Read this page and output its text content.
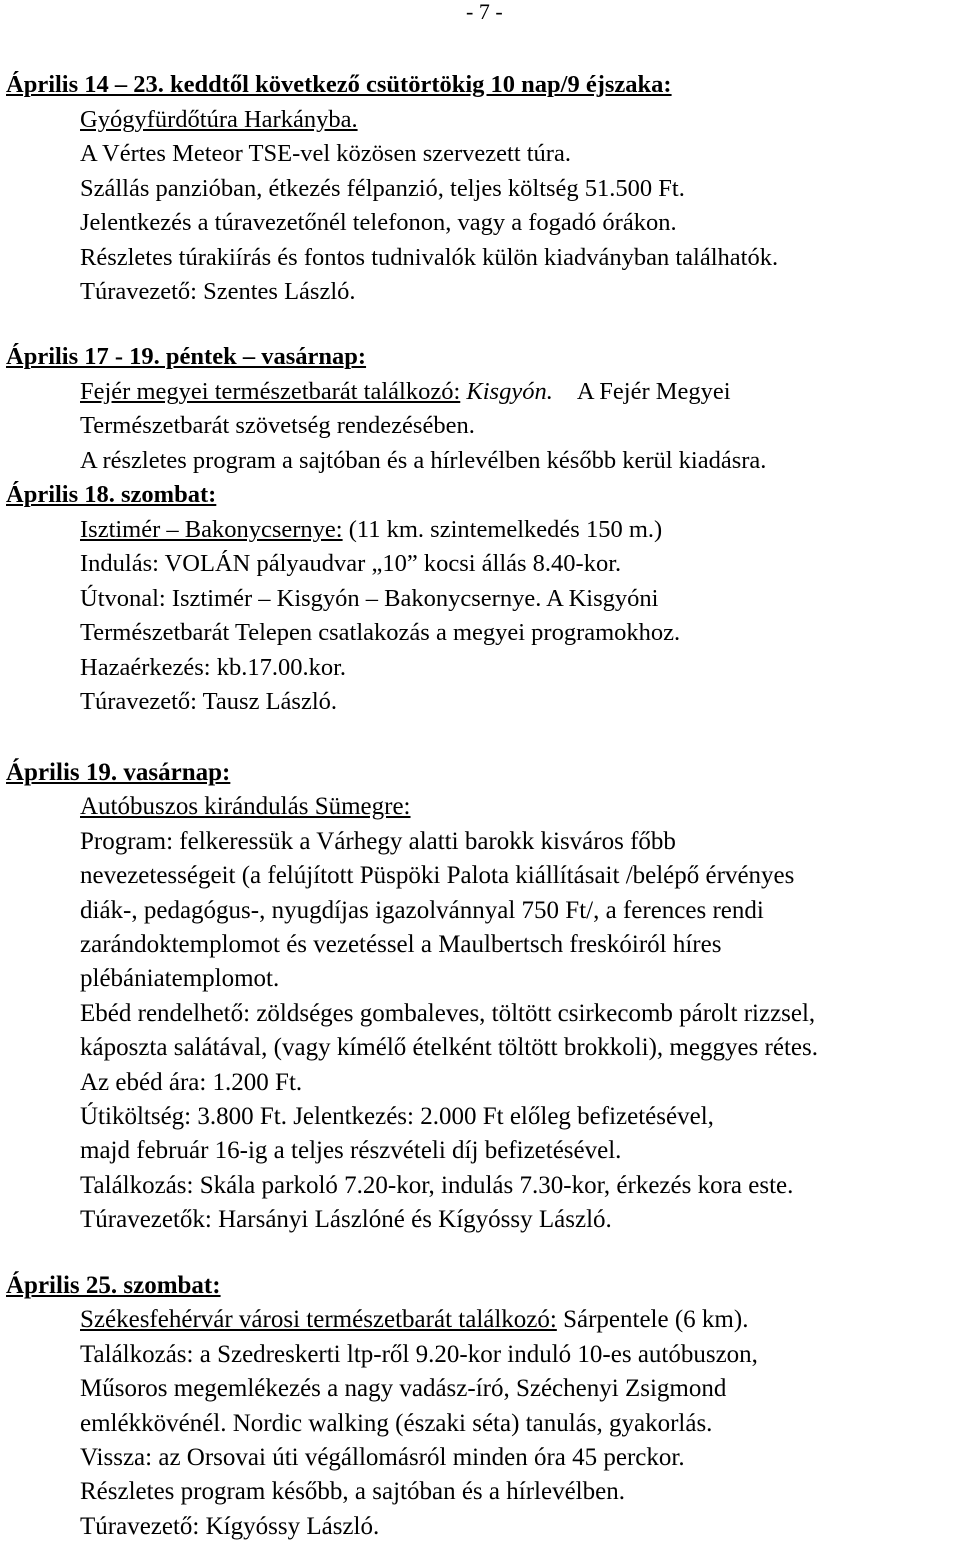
- 7 -
Április 14 – 23. keddtől következő csütörtökig 10 nap/9 éjszaka:
Gyógyfürdőtúra Harkányba.
A Vértes Meteor TSE-vel közösen szervezett túra.
Szállás panzióban, étkezés félpanzió, teljes költség 51.500 Ft.
Jelentkezés a túravezetőnél telefonon, vagy a fogadó órákon.
Részletes túrakiírás és fontos tudnivalók külön kiadványban találhatók.
Túravezető: Szentes László.
Április 17 - 19. péntek – vasárnap:
Fejér megyei természetbarát találkozó: Kisgyón. A Fejér Megyei
Természetbarát szövetség rendezésében.
A részletes program a sajtóban és a hírlevélben később kerül kiadásra.
Április 18. szombat:
Isztimér – Bakonycsernye: (11 km. szintemelkedés 150 m.)
Indulás: VOLÁN pályaudvar „10” kocsi állás 8.40-kor.
Útvonal: Isztimér – Kisgyón – Bakonycsernye. A Kisgyóni
Természetbarát Telepen csatlakozás a megyei programokhoz.
Hazaérkezés: kb.17.00.kor.
Túravezető: Tausz László.
Április 19. vasárnap:
Autóbuszos kirándulás Sümegre:
Program: felkeressük a Várhegy alatti barokk kisváros főbb
nevezetességeit (a felújított Püspöki Palota kiállításait /belépő érvényes
diák-, pedagógus-, nyugdíjas igazolvánnyal 750 Ft/, a ferences rendi
zarándoktemplomot és vezetéssel a Maulbertsch freskóiról híres
plébániatemplomot.
Ebéd rendelhető: zöldséges gombaleves, töltött csirkecomb párolt rizzsel,
káposzta salátával, (vagy kímélő ételként töltött brokkoli), meggyes rétes.
Az ebéd ára: 1.200 Ft.
Útiköltség: 3.800 Ft. Jelentkezés: 2.000 Ft előleg befizetésével,
majd február 16-ig a teljes részvételi díj befizetésével.
Találkozás: Skála parkoló 7.20-kor, indulás 7.30-kor, érkezés kora este.
Túravezetők: Harsányi Lászlóné és Kígyóssy László.
Április 25. szombat:
Székesfehérvár városi természetbarát találkozó: Sárpentele (6 km).
Találkozás: a Szedreskerti ltp-ről 9.20-kor induló 10-es autóbuszon,
Műsoros megemlékezés a nagy vadász-író, Széchenyi Zsigmond
emlékkövénél. Nordic walking (északi séta) tanulás, gyakorlás.
Vissza: az Orsovai úti végállomásról minden óra 45 perckor.
Részletes program később, a sajtóban és a hírlevélben.
Túravezető: Kígyóssy László.
